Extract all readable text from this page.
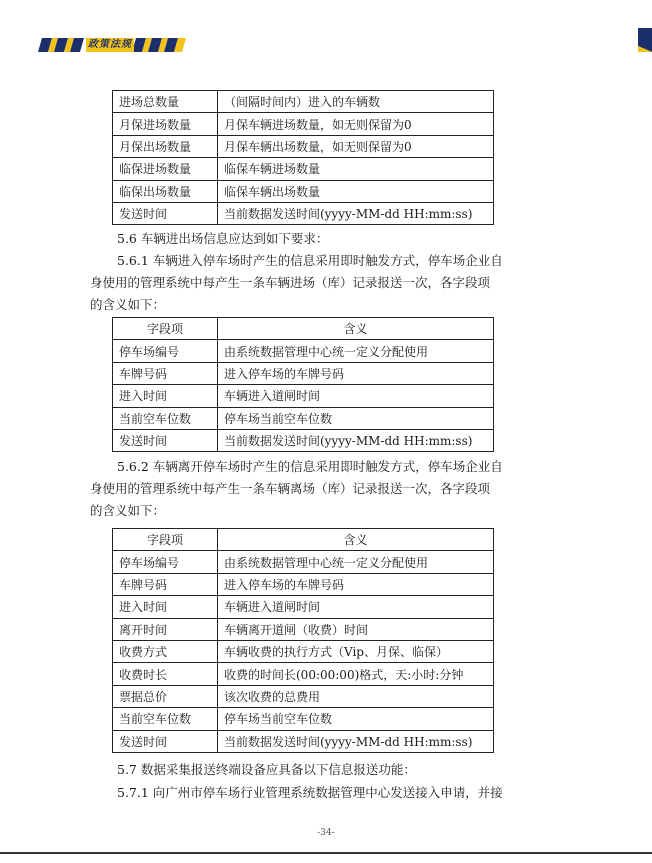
政策法规
进场总数量	（间隔时间内）进入的车辆数
月保进场数量	月保车辆进场数量，如无则保留为0
月保出场数量	月保车辆出场数量，如无则保留为0
临保进场数量	临保车辆进场数量
临保出场数量	临保车辆出场数量
发送时间	当前数据发送时间(yyyy-MM-dd HH:mm:ss)
5.6 车辆进出场信息应达到如下要求：
5.6.1 车辆进入停车场时产生的信息采用即时触发方式，停车场企业自
身使用的管理系统中每产生一条车辆进场（库）记录报送一次，各字段项
的含义如下：
字段项	含义
停车场编号	由系统数据管理中心统一定义分配使用
车牌号码	进入停车场的车牌号码
进入时间	车辆进入道闸时间
当前空车位数	停车场当前空车位数
发送时间	当前数据发送时间(yyyy-MM-dd HH:mm:ss)
5.6.2 车辆离开停车场时产生的信息采用即时触发方式，停车场企业自
身使用的管理系统中每产生一条车辆离场（库）记录报送一次，各字段项
的含义如下：
字段项	含义
停车场编号	由系统数据管理中心统一定义分配使用
车牌号码	进入停车场的车牌号码
进入时间	车辆进入道闸时间
离开时间	车辆离开道闸（收费）时间
收费方式	车辆收费的执行方式（Vip、月保、临保）
收费时长	收费的时间长(00:00:00)格式，天:小时:分钟
票据总价	该次收费的总费用
当前空车位数	停车场当前空车位数
发送时间	当前数据发送时间(yyyy-MM-dd HH:mm:ss)
5.7 数据采集报送终端设备应具备以下信息报送功能：
5.7.1 向广州市停车场行业管理系统数据管理中心发送接入申请，并接
-34-
